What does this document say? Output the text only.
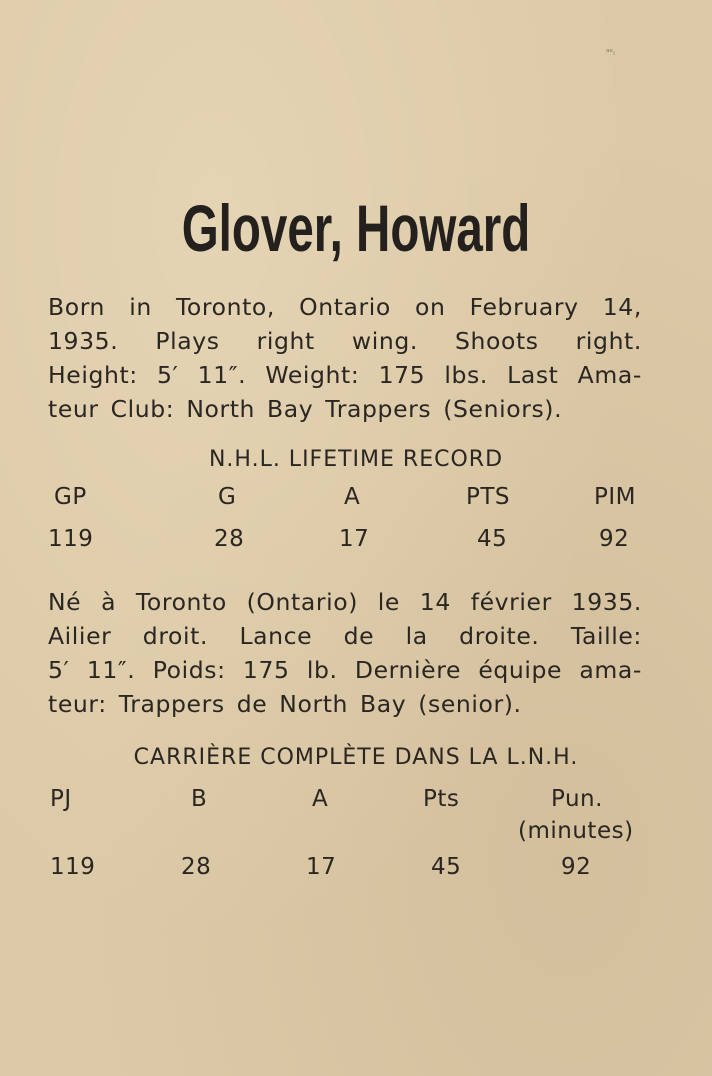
ᵃᵉᵢ
Glover, Howard
Born in Toronto, Ontario on February 14,
1935. Plays right wing. Shoots right.
Height: 5′ 11″. Weight: 175 lbs. Last Ama-
teur Club: North Bay Trappers (Seniors).
N.H.L. LIFETIME RECORD
GP	G	A	PTS	PIM
119	28	17	45	92
Né à Toronto (Ontario) le 14 février 1935.
Ailier droit. Lance de la droite. Taille:
5′ 11″. Poids: 175 lb. Dernière équipe ama-
teur: Trappers de North Bay (senior).
CARRIÈRE COMPLÈTE DANS LA L.N.H.
PJ	B	A	Pts	Pun.
(minutes)
119	28	17	45	92
